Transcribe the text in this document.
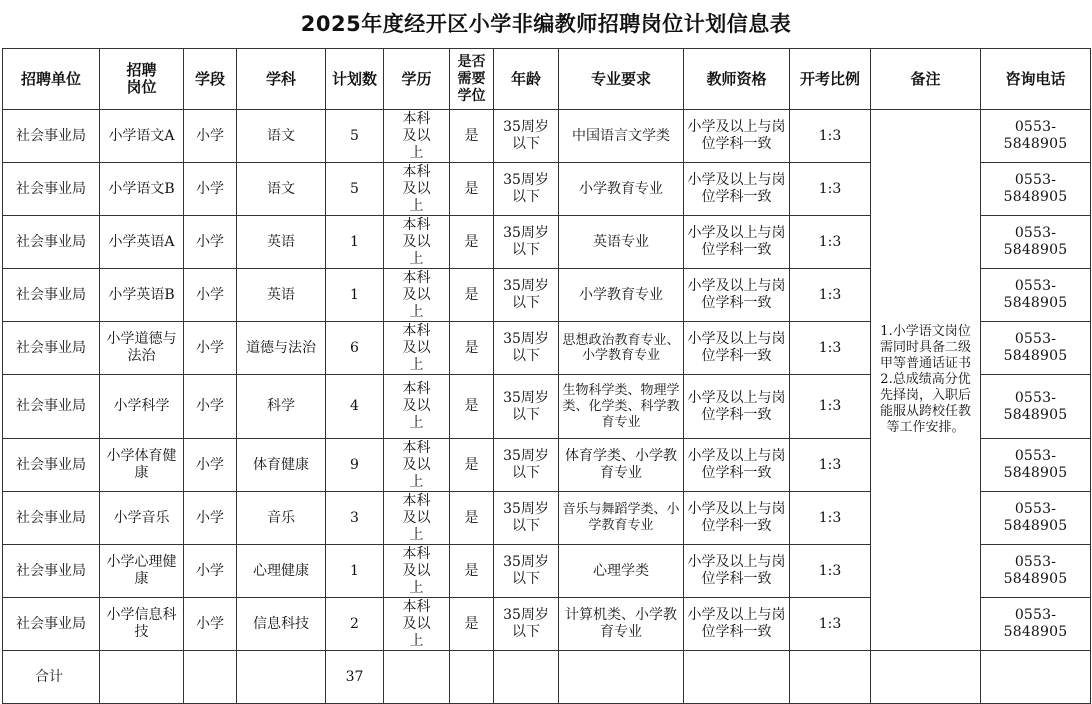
2025年度经开区小学非编教师招聘岗位计划信息表
招聘单位	招聘岗位	学段	学科	计划数	学历	是否需要学位	年龄	专业要求	教师资格	开考比例	备注	咨询电话
社会事业局	小学语文A	小学	语文	5	本科及以上	是	35周岁以下	中国语言文学类	小学及以上与岗位学科一致	1:3	1.小学语文岗位需同时具备二级甲等普通话证书
2.总成绩高分优先择岗，入职后能服从跨校任教等工作安排。	0553-5848905
社会事业局	小学语文B	小学	语文	5	本科及以上	是	35周岁以下	小学教育专业	小学及以上与岗位学科一致	1:3		0553-5848905
社会事业局	小学英语A	小学	英语	1	本科及以上	是	35周岁以下	英语专业	小学及以上与岗位学科一致	1:3		0553-5848905
社会事业局	小学英语B	小学	英语	1	本科及以上	是	35周岁以下	小学教育专业	小学及以上与岗位学科一致	1:3		0553-5848905
社会事业局	小学道德与法治	小学	道德与法治	6	本科及以上	是	35周岁以下	思想政治教育专业、小学教育专业	小学及以上与岗位学科一致	1:3		0553-5848905
社会事业局	小学科学	小学	科学	4	本科及以上	是	35周岁以下	生物科学类、物理学类、化学类、科学教育专业	小学及以上与岗位学科一致	1:3		0553-5848905
社会事业局	小学体育健康	小学	体育健康	9	本科及以上	是	35周岁以下	体育学类、小学教育专业	小学及以上与岗位学科一致	1:3		0553-5848905
社会事业局	小学音乐	小学	音乐	3	本科及以上	是	35周岁以下	音乐与舞蹈学类、小学教育专业	小学及以上与岗位学科一致	1:3		0553-5848905
社会事业局	小学心理健康	小学	心理健康	1	本科及以上	是	35周岁以下	心理学类	小学及以上与岗位学科一致	1:3		0553-5848905
社会事业局	小学信息科技	小学	信息科技	2	本科及以上	是	35周岁以下	计算机类、小学教育专业	小学及以上与岗位学科一致	1:3		0553-5848905
合计				37								
